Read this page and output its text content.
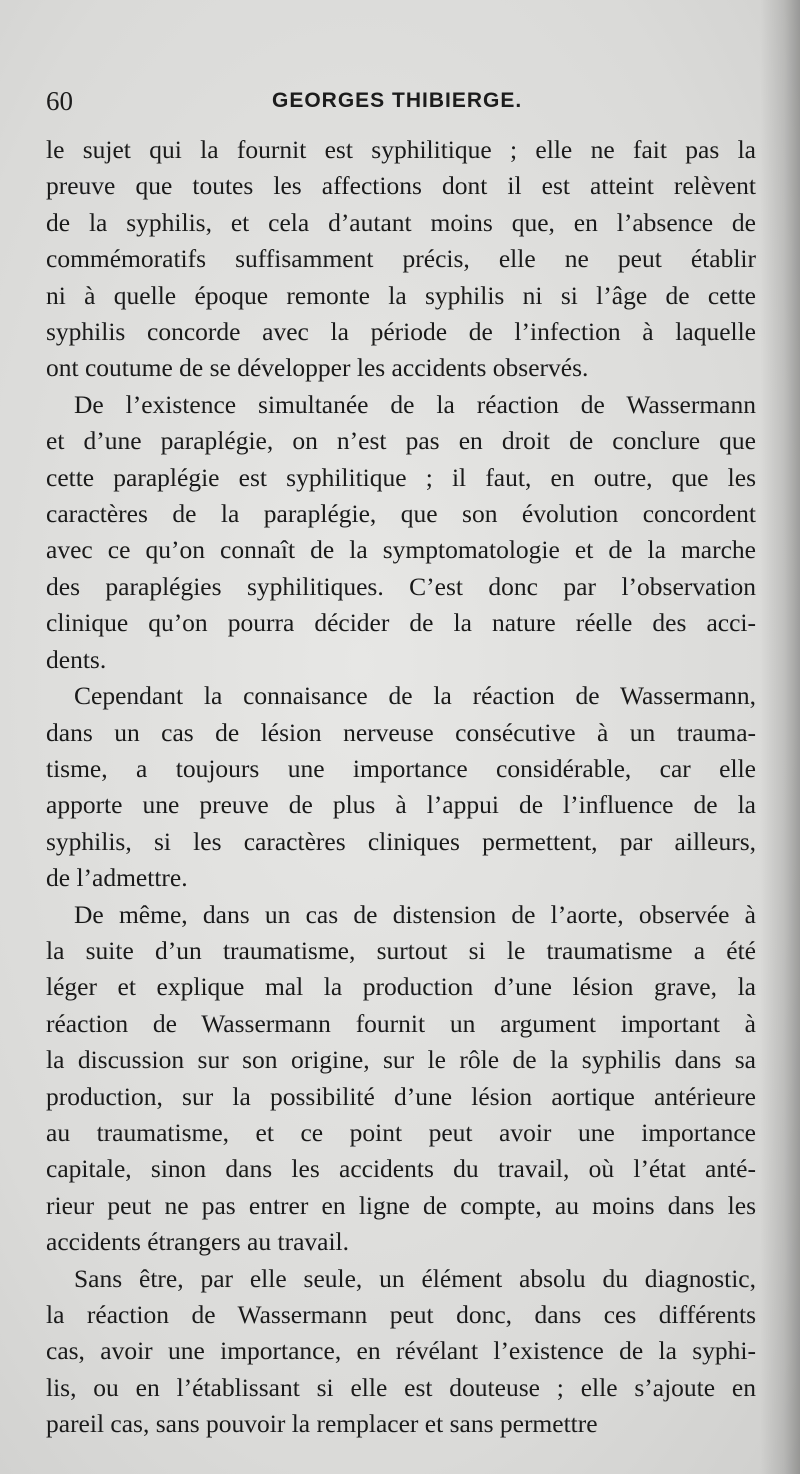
60	GEORGES THIBIERGE.
le sujet qui la fournit est syphilitique ; elle ne fait pas la
preuve que toutes les affections dont il est atteint relèvent
de la syphilis, et cela d’autant moins que, en l’absence de
commémoratifs suffisamment précis, elle ne peut établir
ni à quelle époque remonte la syphilis ni si l’âge de cette
syphilis concorde avec la période de l’infection à laquelle
ont coutume de se développer les accidents observés.
De l’existence simultanée de la réaction de Wassermann
et d’une paraplégie, on n’est pas en droit de conclure que
cette paraplégie est syphilitique ; il faut, en outre, que les
caractères de la paraplégie, que son évolution concordent
avec ce qu’on connaît de la symptomatologie et de la marche
des paraplégies syphilitiques. C’est donc par l’observation
clinique qu’on pourra décider de la nature réelle des acci-
dents.
Cependant la connaisance de la réaction de Wassermann,
dans un cas de lésion nerveuse consécutive à un trauma-
tisme, a toujours une importance considérable, car elle
apporte une preuve de plus à l’appui de l’influence de la
syphilis, si les caractères cliniques permettent, par ailleurs,
de l’admettre.
De même, dans un cas de distension de l’aorte, observée à
la suite d’un traumatisme, surtout si le traumatisme a été
léger et explique mal la production d’une lésion grave, la
réaction de Wassermann fournit un argument important à
la discussion sur son origine, sur le rôle de la syphilis dans sa
production, sur la possibilité d’une lésion aortique antérieure
au traumatisme, et ce point peut avoir une importance
capitale, sinon dans les accidents du travail, où l’état anté-
rieur peut ne pas entrer en ligne de compte, au moins dans les
accidents étrangers au travail.
Sans être, par elle seule, un élément absolu du diagnostic,
la réaction de Wassermann peut donc, dans ces différents
cas, avoir une importance, en révélant l’existence de la syphi-
lis, ou en l’établissant si elle est douteuse ; elle s’ajoute en
pareil cas, sans pouvoir la remplacer et sans permettre
